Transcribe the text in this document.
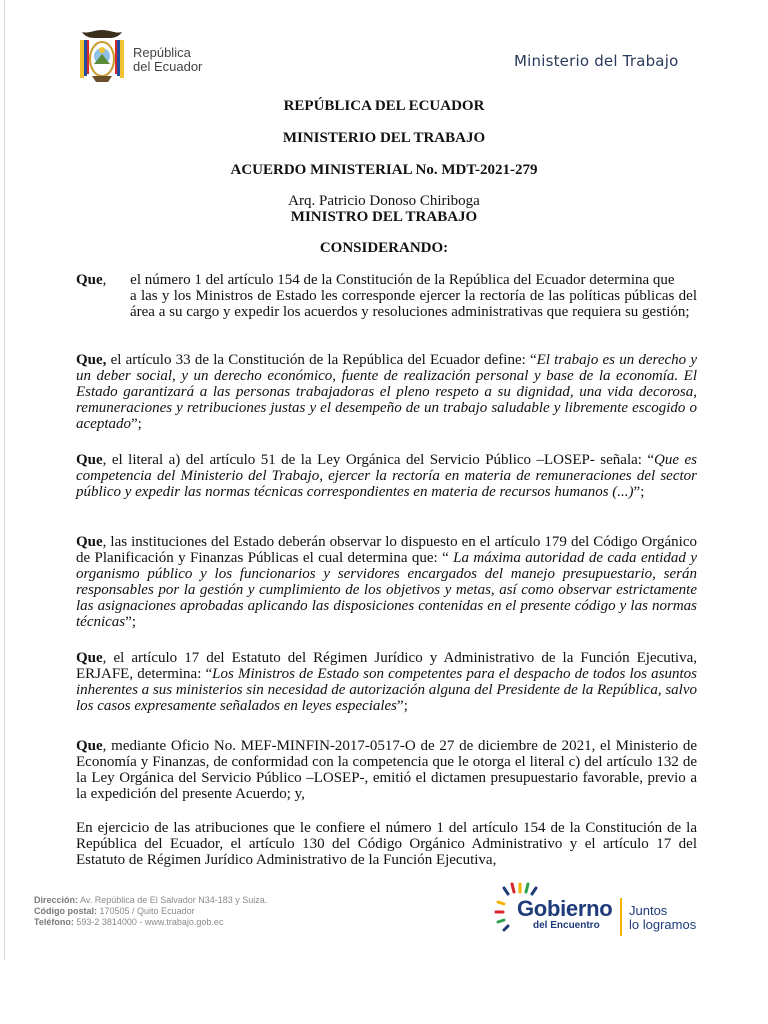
República
del Ecuador	Ministerio del Trabajo
REPÚBLICA DEL ECUADOR
MINISTERIO DEL TRABAJO
ACUERDO MINISTERIAL No. MDT-2021-279
Arq. Patricio Donoso Chiriboga
MINISTRO DEL TRABAJO
CONSIDERANDO:
Que, el número 1 del artículo 154 de la Constitución de la República del Ecuador determina que
a las y los Ministros de Estado les corresponde ejercer la rectoría de las políticas públicas del área a su cargo y expedir los acuerdos y resoluciones administrativas que requiera su gestión;
Que, el artículo 33 de la Constitución de la República del Ecuador define: “El trabajo es un derecho y un deber social, y un derecho económico, fuente de realización personal y base de la economía. El Estado garantizará a las personas trabajadoras el pleno respeto a su dignidad, una vida decorosa, remuneraciones y retribuciones justas y el desempeño de un trabajo saludable y libremente escogido o aceptado”;
Que, el literal a) del artículo 51 de la Ley Orgánica del Servicio Público –LOSEP- señala: “Que es competencia del Ministerio del Trabajo, ejercer la rectoría en materia de remuneraciones del sector público y expedir las normas técnicas correspondientes en materia de recursos humanos (...)”;
Que, las instituciones del Estado deberán observar lo dispuesto en el artículo 179 del Código Orgánico de Planificación y Finanzas Públicas el cual determina que: “ La máxima autoridad de cada entidad y organismo público y los funcionarios y servidores encargados del manejo presupuestario, serán responsables por la gestión y cumplimiento de los objetivos y metas, así como observar estrictamente las asignaciones aprobadas aplicando las disposiciones contenidas en el presente código y las normas técnicas”;
Que, el artículo 17 del Estatuto del Régimen Jurídico y Administrativo de la Función Ejecutiva, ERJAFE, determina: “Los Ministros de Estado son competentes para el despacho de todos los asuntos inherentes a sus ministerios sin necesidad de autorización alguna del Presidente de la República, salvo los casos expresamente señalados en leyes especiales”;
Que, mediante Oficio No. MEF-MINFIN-2017-0517-O de 27 de diciembre de 2021, el Ministerio de Economía y Finanzas, de conformidad con la competencia que le otorga el literal c) del artículo 132 de la Ley Orgánica del Servicio Público –LOSEP-, emitió el dictamen presupuestario favorable, previo a la expedición del presente Acuerdo; y,
En ejercicio de las atribuciones que le confiere el número 1 del artículo 154 de la Constitución de la República del Ecuador, el artículo 130 del Código Orgánico Administrativo y el artículo 17 del Estatuto de Régimen Jurídico Administrativo de la Función Ejecutiva,
Dirección: Av. República de El Salvador N34-183 y Suiza.
Código postal: 170505 / Quito Ecuador
Teléfono: 593-2 3814000 - www.trabajo.gob.ec
Gobierno
del Encuentro
Juntos
lo logramos
